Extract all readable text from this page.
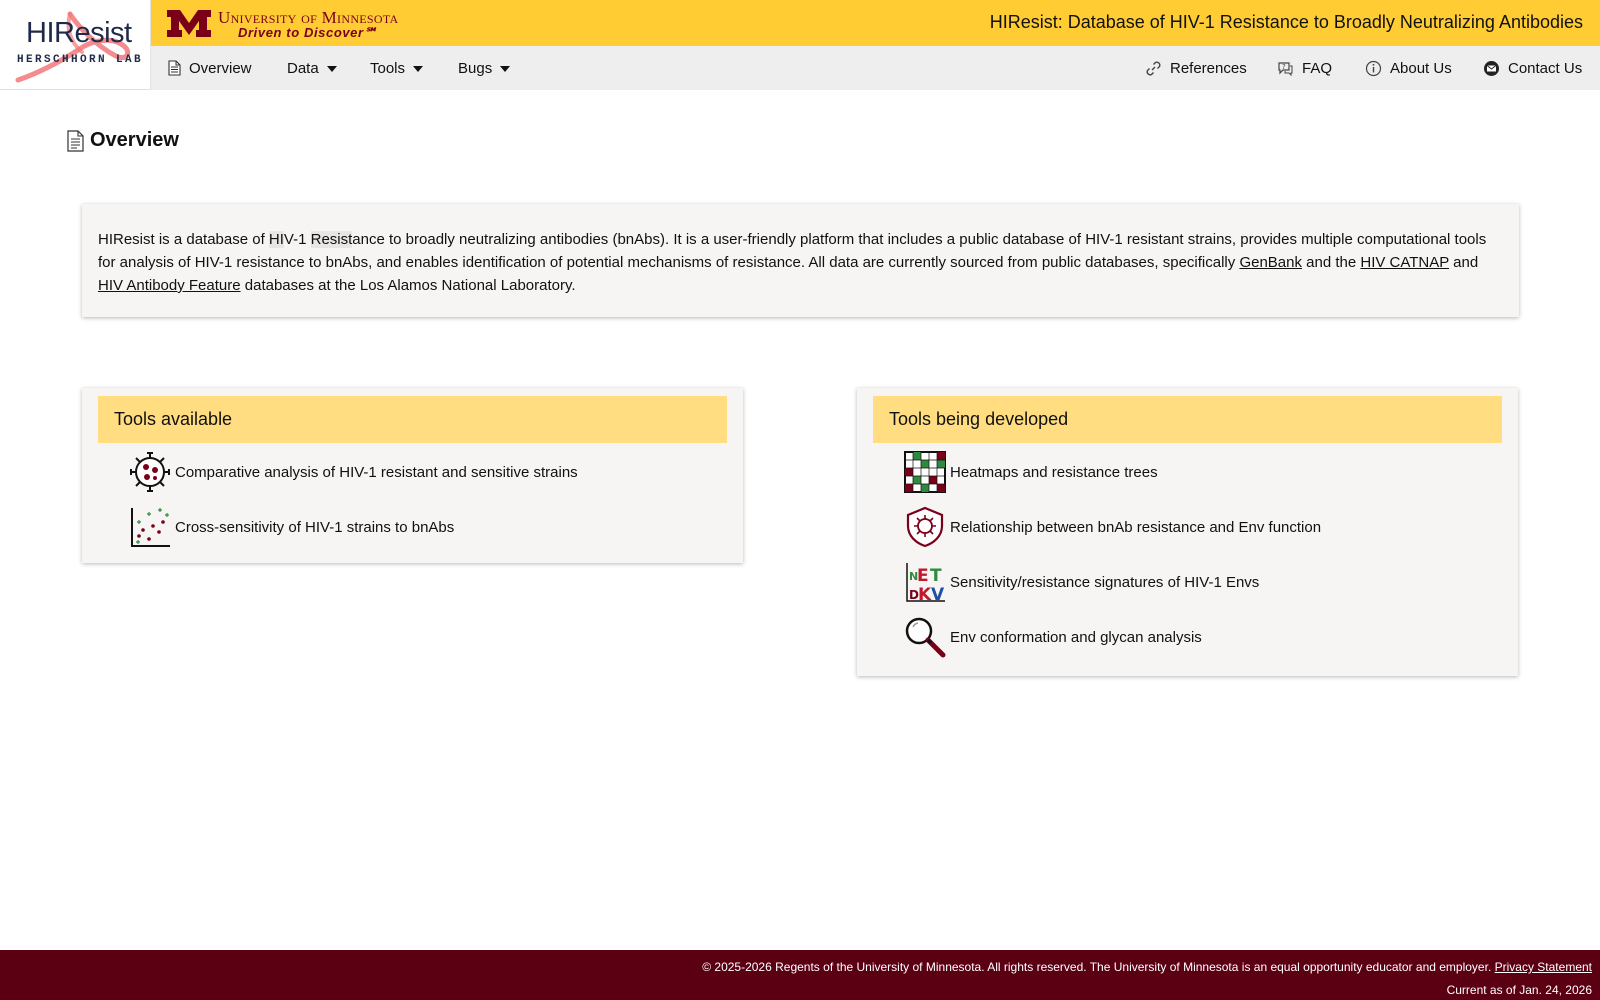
HIResist
HERSCHHORN LAB
University of Minnesota
Driven to Discover℠
HIResist: Database of HIV-1 Resistance to Broadly Neutralizing Antibodies
Overview Data	Tools	Bugs	References	? FAQ	About Us	Contact Us
Overview
HIResist is a database of HIV-1 Resistance to broadly neutralizing antibodies (bnAbs). It is a user-friendly platform that includes a public database of HIV-1 resistant strains, provides multiple computational tools for analysis of HIV-1 resistance to bnAbs, and enables identification of potential mechanisms of resistance. All data are currently sourced from public databases, specifically GenBank and the HIV CATNAP and HIV Antibody Feature databases at the Los Alamos National Laboratory.
Tools available
Comparative analysis of HIV-1 resistant and sensitive strains
Cross-sensitivity of HIV-1 strains to bnAbs
Tools being developed
Heatmaps and resistance trees
Relationship between bnAb resistance and Env function
N
E T
D K V
Sensitivity/resistance signatures of HIV-1 Envs
Env conformation and glycan analysis
© 2025-2026 Regents of the University of Minnesota. All rights reserved. The University of Minnesota is an equal opportunity educator and employer. Privacy Statement
Current as of Jan. 24, 2026
